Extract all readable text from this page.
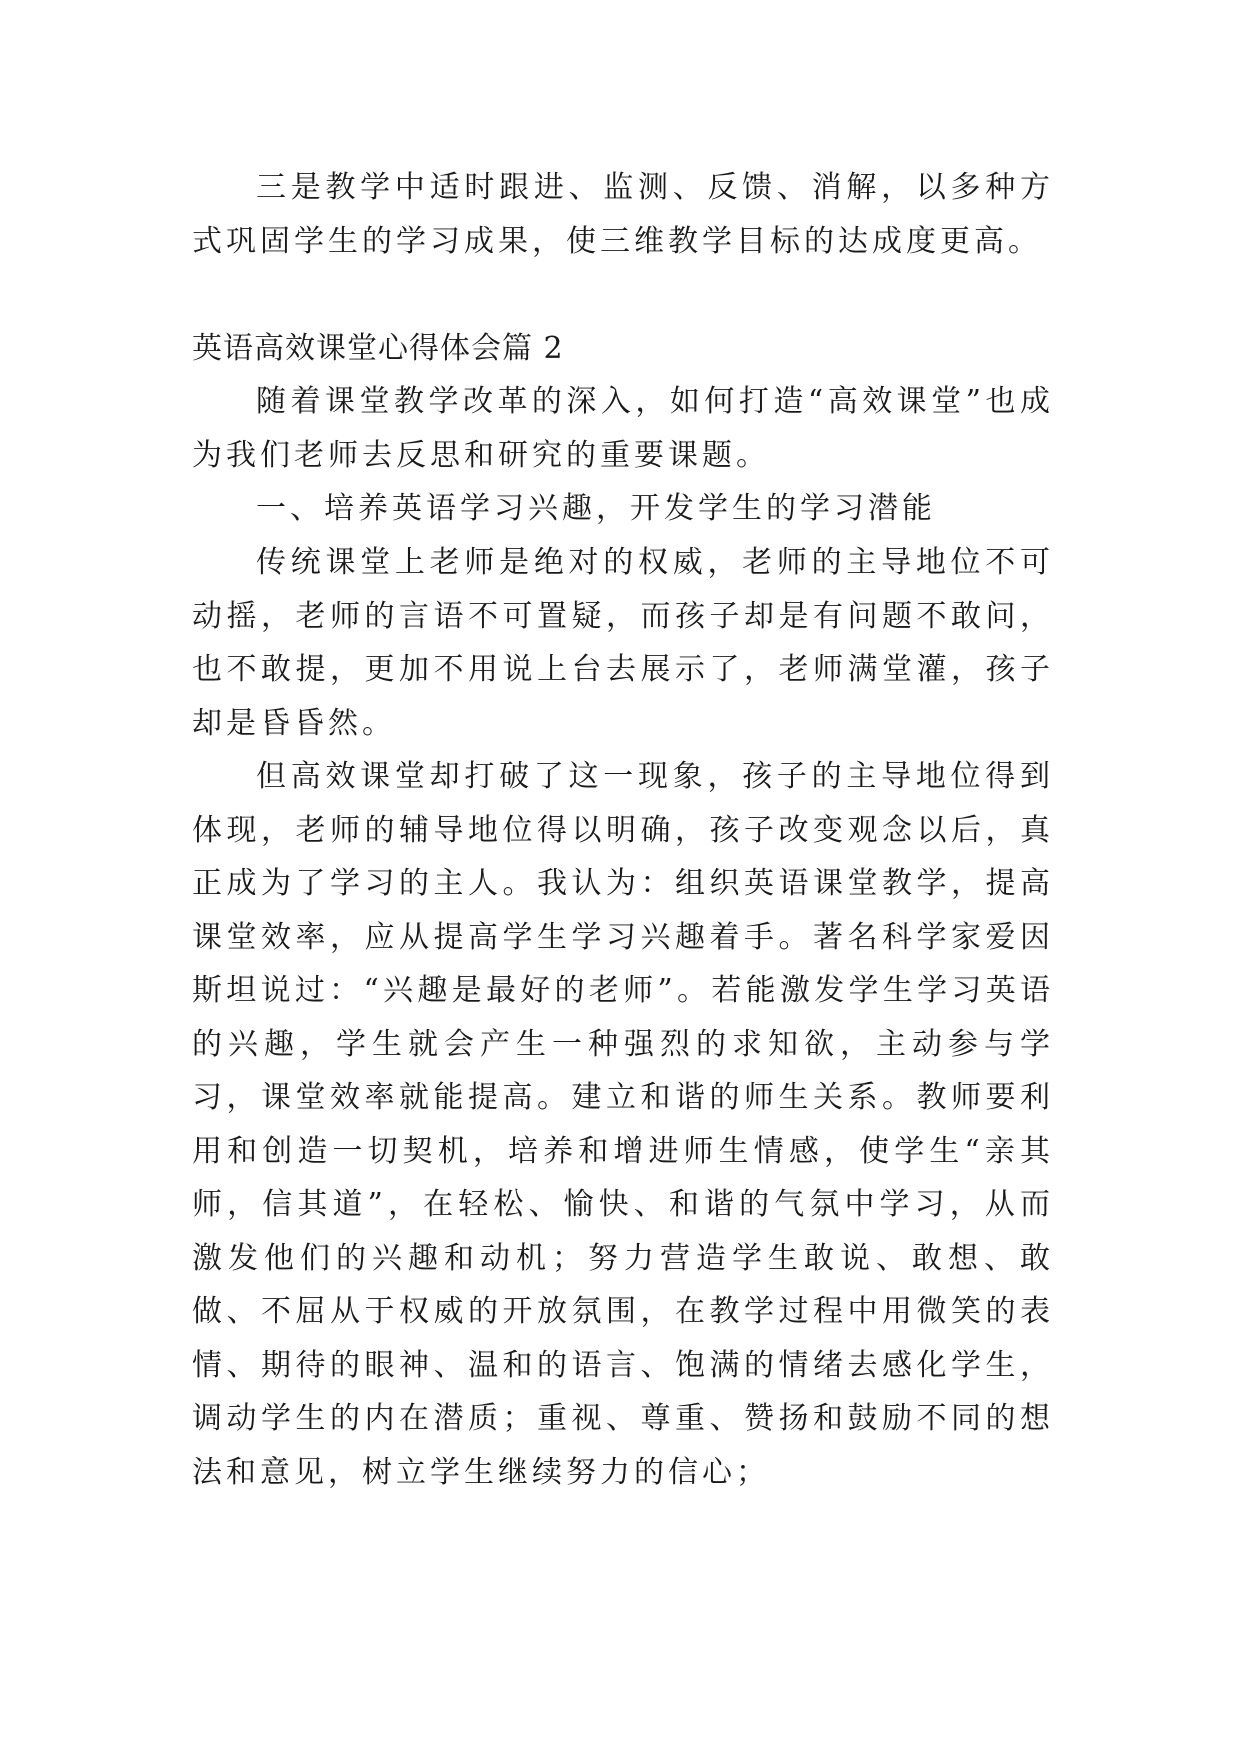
三是教学中适时跟进、监测、反馈、消解，以多种方式巩固学生的学习成果，使三维教学目标的达成度更高。

英语高效课堂心得体会篇 2

随着课堂教学改革的深入，如何打造“高效课堂”也成为我们老师去反思和研究的重要课题。

一、培养英语学习兴趣，开发学生的学习潜能

传统课堂上老师是绝对的权威，老师的主导地位不可动摇，老师的言语不可置疑，而孩子却是有问题不敢问，也不敢提，更加不用说上台去展示了，老师满堂灌，孩子却是昏昏然。

但高效课堂却打破了这一现象，孩子的主导地位得到体现，老师的辅导地位得以明确，孩子改变观念以后，真正成为了学习的主人。我认为：组织英语课堂教学，提高课堂效率，应从提高学生学习兴趣着手。著名科学家爱因斯坦说过：“兴趣是最好的老师”。若能激发学生学习英语的兴趣，学生就会产生一种强烈的求知欲，主动参与学习，课堂效率就能提高。建立和谐的师生关系。教师要利用和创造一切契机，培养和增进师生情感，使学生“亲其师，信其道”，在轻松、愉快、和谐的气氛中学习，从而激发他们的兴趣和动机；努力营造学生敢说、敢想、敢做、不屈从于权威的开放氛围，在教学过程中用微笑的表情、期待的眼神、温和的语言、饱满的情绪去感化学生，调动学生的内在潜质；重视、尊重、赞扬和鼓励不同的想法和意见，树立学生继续努力的信心；
